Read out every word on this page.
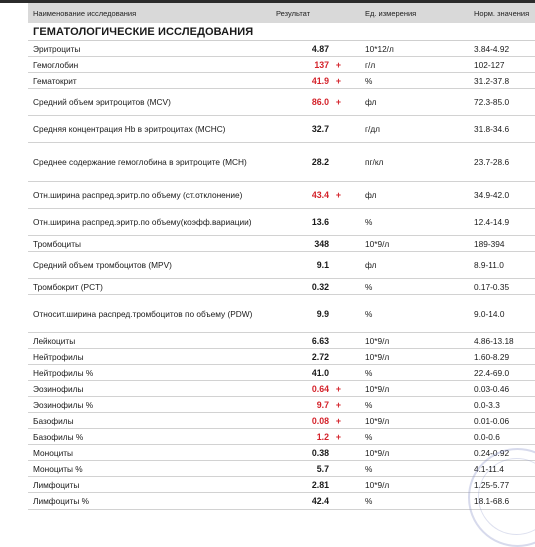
Наименование исследования	Результат	Ед. измерения	Норм. значения
ГЕМАТОЛОГИЧЕСКИЕ ИССЛЕДОВАНИЯ
Эритроциты	4.87	10*12/л	3.84-4.92
Гемоглобин	137 +	г/л	102-127
Гематокрит	41.9 +	%	31.2-37.8
Средний объем эритроцитов (MCV)	86.0 +	фл	72.3-85.0
Средняя концентрация Hb в эритроцитах (MCHC)	32.7	г/дл	31.8-34.6
Среднее содержание гемоглобина в эритроците (MCH)	28.2	пг/кл	23.7-28.6
Отн.ширина распред.эритр.по объему (ст.отклонение)	43.4 +	фл	34.9-42.0
Отн.ширина распред.эритр.по объему(коэфф.вариации)	13.6	%	12.4-14.9
Тромбоциты	348	10*9/л	189-394
Средний объем тромбоцитов (MPV)	9.1	фл	8.9-11.0
Тромбокрит (PCT)	0.32	%	0.17-0.35
Относит.ширина распред.тромбоцитов по объему (PDW)	9.9	%	9.0-14.0
Лейкоциты	6.63	10*9/л	4.86-13.18
Нейтрофилы	2.72	10*9/л	1.60-8.29
Нейтрофилы %	41.0	%	22.4-69.0
Эозинофилы	0.64 +	10*9/л	0.03-0.46
Эозинофилы %	9.7 +	%	0.0-3.3
Базофилы	0.08 +	10*9/л	0.01-0.06
Базофилы %	1.2 +	%	0.0-0.6
Моноциты	0.38	10*9/л	0.24-0.92
Моноциты %	5.7	%	4.1-11.4
Лимфоциты	2.81	10*9/л	1.25-5.77
Лимфоциты %	42.4	%	18.1-68.6
